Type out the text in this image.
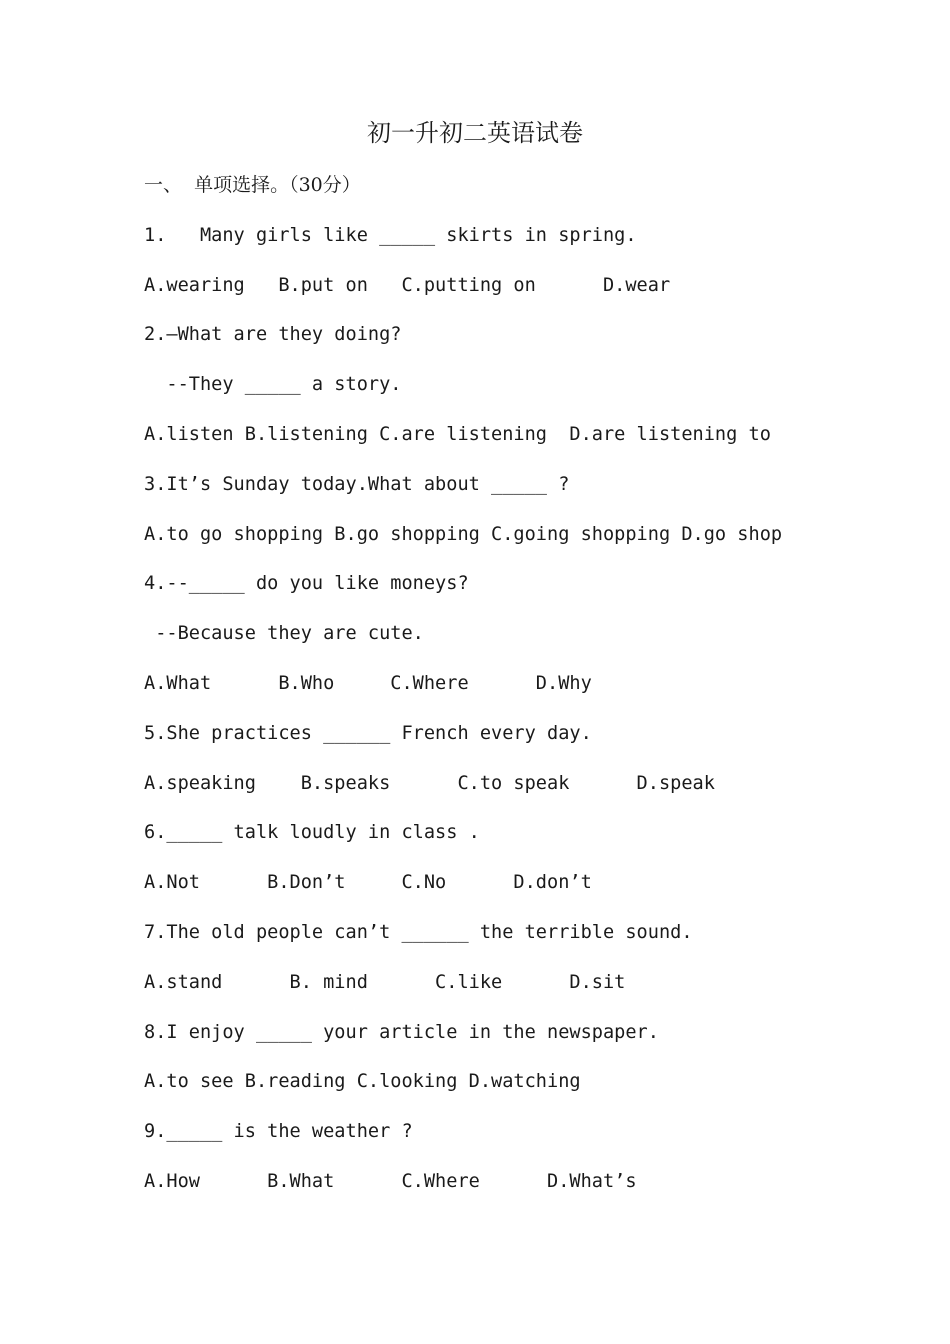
初一升初二英语试卷
一、  单项选择。（30分）
1.   Many girls like _____ skirts in spring.
A.wearing   B.put on   C.putting on      D.wear
2.—What are they doing?
--They _____ a story.
A.listen B.listening C.are listening  D.are listening to
3.It’s Sunday today.What about _____ ?
A.to go shopping B.go shopping C.going shopping D.go shop
4.--_____ do you like moneys?
--Because they are cute.
A.What      B.Who     C.Where      D.Why
5.She practices ______ French every day.
A.speaking    B.speaks      C.to speak      D.speak
6._____ talk loudly in class .
A.Not      B.Don’t     C.No      D.don’t
7.The old people can’t ______ the terrible sound.
A.stand      B. mind      C.like      D.sit
8.I enjoy _____ your article in the newspaper.
A.to see B.reading C.looking D.watching
9._____ is the weather ?
A.How      B.What      C.Where      D.What’s
